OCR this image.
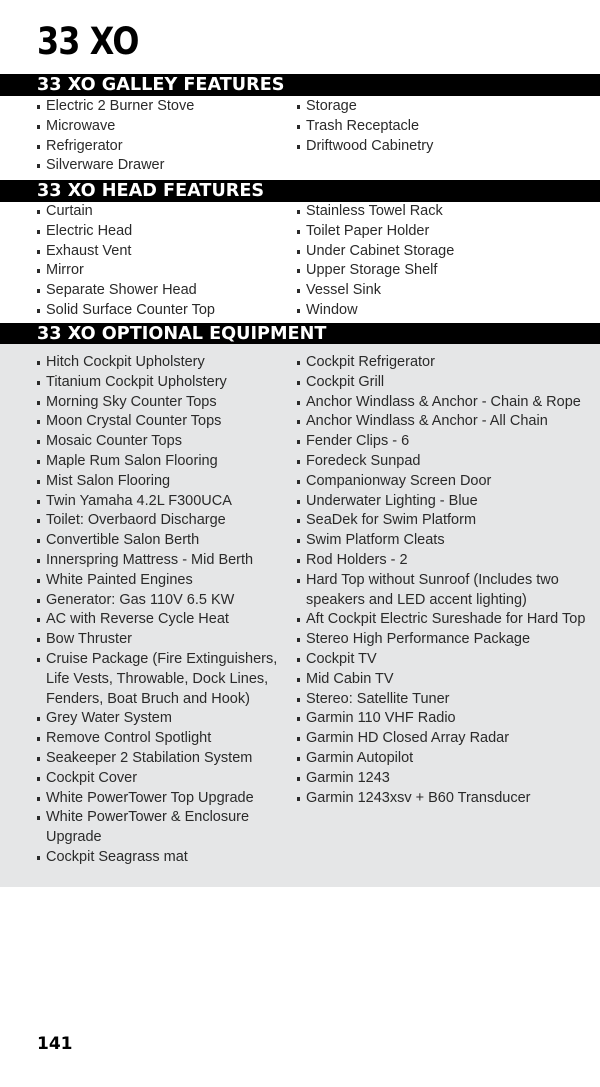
33 XO
33 XO GALLEY FEATURES
Electric 2 Burner Stove
Microwave
Refrigerator
Silverware Drawer
Storage
Trash Receptacle
Driftwood Cabinetry
33 XO HEAD FEATURES
Curtain
Electric Head
Exhaust Vent
Mirror
Separate Shower Head
Solid Surface Counter Top
Stainless Towel Rack
Toilet Paper Holder
Under Cabinet Storage
Upper Storage Shelf
Vessel Sink
Window
33 XO OPTIONAL EQUIPMENT
Hitch Cockpit Upholstery
Titanium Cockpit Upholstery
Morning Sky Counter Tops
Moon Crystal Counter Tops
Mosaic Counter Tops
Maple Rum Salon Flooring
Mist Salon Flooring
Twin Yamaha 4.2L F300UCA
Toilet: Overbaord Discharge
Convertible Salon Berth
Innerspring Mattress - Mid Berth
White Painted Engines
Generator: Gas 110V 6.5 KW
AC with Reverse Cycle Heat
Bow Thruster
Cruise Package (Fire Extinguishers, Life Vests, Throwable, Dock Lines, Fenders, Boat Bruch and Hook)
Grey Water System
Remove Control Spotlight
Seakeeper 2 Stabilation System
Cockpit Cover
White PowerTower Top Upgrade
White PowerTower & Enclosure Upgrade
Cockpit Seagrass mat
Cockpit Refrigerator
Cockpit Grill
Anchor Windlass & Anchor - Chain & Rope
Anchor Windlass & Anchor - All Chain
Fender Clips - 6
Foredeck Sunpad
Companionway Screen Door
Underwater Lighting - Blue
SeaDek for Swim Platform
Swim Platform Cleats
Rod Holders - 2
Hard Top without Sunroof (Includes two speakers and LED accent lighting)
Aft Cockpit Electric Sureshade for Hard Top
Stereo High Performance Package
Cockpit TV
Mid Cabin TV
Stereo: Satellite Tuner
Garmin 110 VHF Radio
Garmin HD Closed Array Radar
Garmin Autopilot
Garmin 1243
Garmin 1243xsv + B60 Transducer
141
